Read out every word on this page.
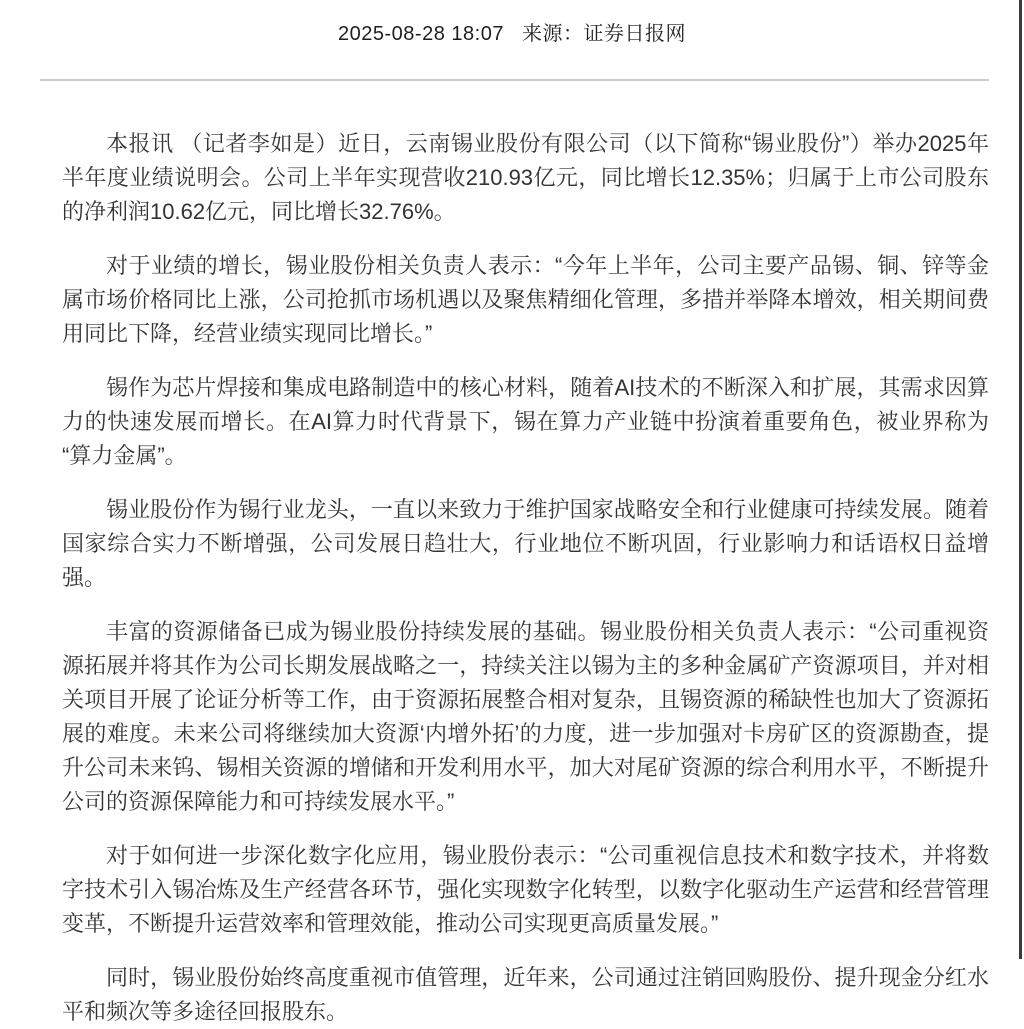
2025-08-28 18:07 来源：证券日报网

本报讯 （记者李如是）近日，云南锡业股份有限公司（以下简称“锡业股份”）举办2025年半年度业绩说明会。公司上半年实现营收210.93亿元，同比增长12.35%；归属于上市公司股东的净利润10.62亿元，同比增长32.76%。

对于业绩的增长，锡业股份相关负责人表示：“今年上半年，公司主要产品锡、铜、锌等金属市场价格同比上涨，公司抢抓市场机遇以及聚焦精细化管理，多措并举降本增效，相关期间费用同比下降，经营业绩实现同比增长。”

锡作为芯片焊接和集成电路制造中的核心材料，随着AI技术的不断深入和扩展，其需求因算力的快速发展而增长。在AI算力时代背景下，锡在算力产业链中扮演着重要角色，被业界称为“算力金属”。

锡业股份作为锡行业龙头，一直以来致力于维护国家战略安全和行业健康可持续发展。随着国家综合实力不断增强，公司发展日趋壮大，行业地位不断巩固，行业影响力和话语权日益增强。

丰富的资源储备已成为锡业股份持续发展的基础。锡业股份相关负责人表示：“公司重视资源拓展并将其作为公司长期发展战略之一，持续关注以锡为主的多种金属矿产资源项目，并对相关项目开展了论证分析等工作，由于资源拓展整合相对复杂，且锡资源的稀缺性也加大了资源拓展的难度。未来公司将继续加大资源‘内增外拓’的力度，进一步加强对卡房矿区的资源勘查，提升公司未来钨、锡相关资源的增储和开发利用水平，加大对尾矿资源的综合利用水平，不断提升公司的资源保障能力和可持续发展水平。”

对于如何进一步深化数字化应用，锡业股份表示：“公司重视信息技术和数字技术，并将数字技术引入锡冶炼及生产经营各环节，强化实现数字化转型，以数字化驱动生产运营和经营管理变革，不断提升运营效率和管理效能，推动公司实现更高质量发展。”

同时，锡业股份始终高度重视市值管理，近年来，公司通过注销回购股份、提升现金分红水平和频次等多途径回报股东。
